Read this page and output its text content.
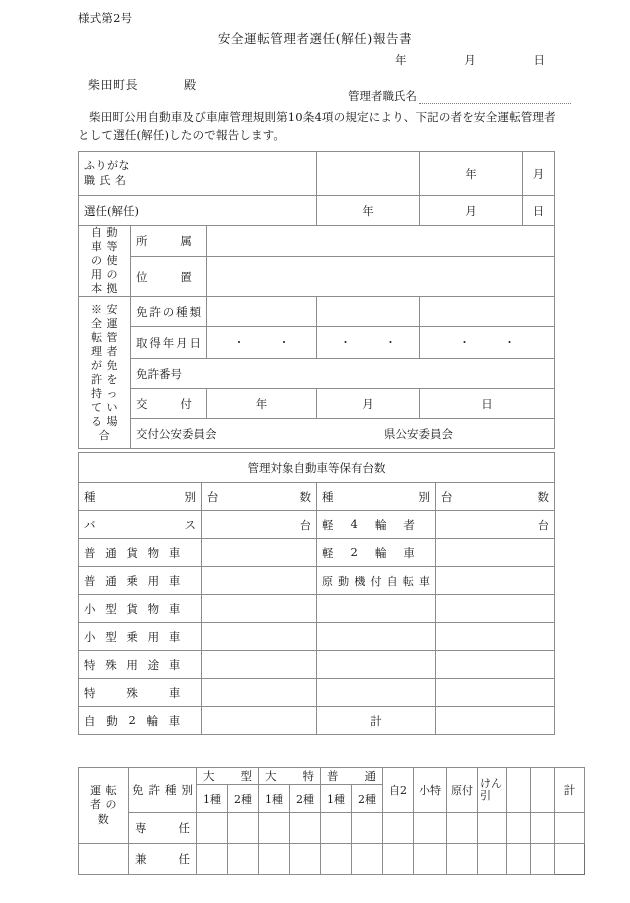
様式第2号
安全運転管理者選任(解任)報告書
年	月	日
柴田町長	殿
管理者職氏名
柴田町公用自動車及び車庫管理規則第10条4項の規定により、下記の者を安全運転管理者として選任(解任)したので報告します。
ふりがな
職 氏 名				年	月
選任(解任)			年	月	日
自 動 車 等 の 使 用 の 本 拠	所 属				

	位 置				

※ 安 全 運 転 管 理 者 が 免 許 を 持 っ て い る 場 合	免 許 の 種 類				

	取 得 年 月 日	・ ・	・ ・	・ ・	

	免許番号				

	交 付	年	月	日	

	交付公安委員会 県公安委員会				
管理対象自動車等保有台数			

種 別	台 数	種 別	台 数

バ ス	台	軽 4 輪 者	台

普 通 貨 物 車		軽 2 輪 車	

普 通 乗 用 車		原 動 機 付 自 転 車

小 型 貨 物 車			

小 型 乗 用 車			

特 殊 用 途 車			

特 殊 車			

自 動 2 輪 車		計	
運 転 者 の 数	免 許 種 別	大 型		大 特		普 通		自2	小特	原付	けん引			計
		1種	2種	1種	2種	1種	2種							

	専 任													

	兼 任													
